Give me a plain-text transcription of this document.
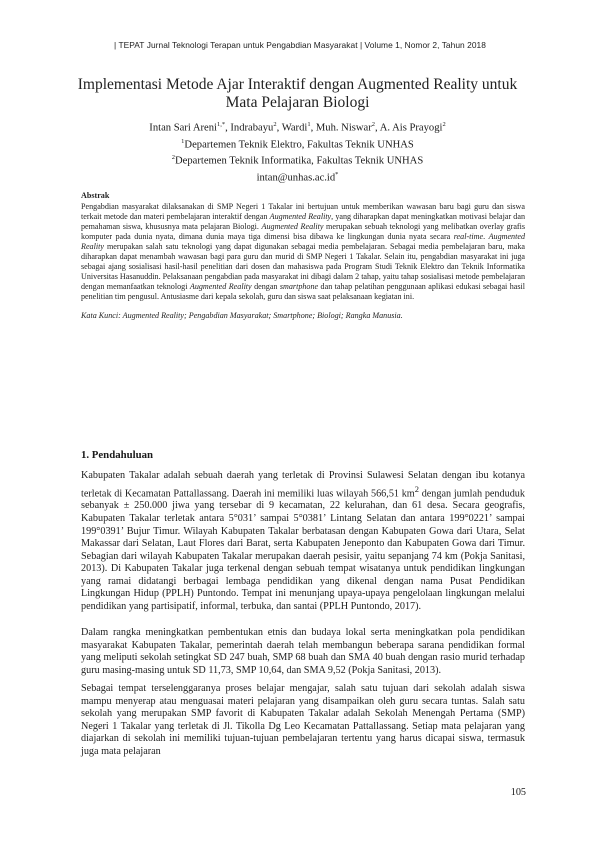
| TEPAT Jurnal Teknologi Terapan untuk Pengabdian Masyarakat | Volume 1, Nomor 2, Tahun 2018
Implementasi Metode Ajar Interaktif dengan Augmented Reality untuk Mata Pelajaran Biologi
Intan Sari Areni$^{1,*}$, Indrabayu$^2$, Wardi$^1$, Muh. Niswar$^2$, A. Ais Prayogi$^2$
$^1$Departemen Teknik Elektro, Fakultas Teknik UNHAS
$^2$Departemen Teknik Informatika, Fakultas Teknik UNHAS
intan@unhas.ac.id*
Abstrak
Pengabdian masyarakat dilaksanakan di SMP Negeri 1 Takalar ini bertujuan untuk memberikan wawasan baru bagi guru dan siswa terkait metode dan materi pembelajaran interaktif dengan Augmented Reality, yang diharapkan dapat meningkatkan motivasi belajar dan pemahaman siswa, khususnya mata pelajaran Biologi. Augmented Reality merupakan sebuah teknologi yang melibatkan overlay grafis komputer pada dunia nyata, dimana dunia maya tiga dimensi bisa dibawa ke lingkungan dunia nyata secara real-time. Augmented Reality merupakan salah satu teknologi yang dapat digunakan sebagai media pembelajaran. Sebagai media pembelajaran baru, maka diharapkan dapat menambah wawasan bagi para guru dan murid di SMP Negeri 1 Takalar. Selain itu, pengabdian masyarakat ini juga sebagai ajang sosialisasi hasil-hasil penelitian dari dosen dan mahasiswa pada Program Studi Teknik Elektro dan Teknik Informatika Universitas Hasanuddin. Pelaksanaan pengabdian pada masyarakat ini dibagi dalam 2 tahap, yaitu tahap sosialisasi metode pembelajaran dengan memanfaatkan teknologi Augmented Reality dengan smartphone dan tahap pelatihan penggunaan aplikasi edukasi sebagai hasil penelitian tim pengusul. Antusiasme dari kepala sekolah, guru dan siswa saat pelaksanaan kegiatan ini.
Kata Kunci: Augmented Reality; Pengabdian Masyarakat; Smartphone; Biologi; Rangka Manusia.
1. Pendahuluan
Kabupaten Takalar adalah sebuah daerah yang terletak di Provinsi Sulawesi Selatan dengan ibu kotanya terletak di Kecamatan Pattallassang. Daerah ini memiliki luas wilayah 566,51 $km^2$ dengan jumlah penduduk sebanyak ± 250.000 jiwa yang tersebar di 9 kecamatan, 22 kelurahan, dan 61 desa. Secara geografis, Kabupaten Takalar terletak antara 5°031’ sampai 5°0381’ Lintang Selatan dan antara 199°0221’ sampai 199°0391’ Bujur Timur. Wilayah Kabupaten Takalar berbatasan dengan Kabupaten Gowa dari Utara, Selat Makassar dari Selatan, Laut Flores dari Barat, serta Kabupaten Jeneponto dan Kabupaten Gowa dari Timur. Sebagian dari wilayah Kabupaten Takalar merupakan daerah pesisir, yaitu sepanjang 74 km (Pokja Sanitasi, 2013). Di Kabupaten Takalar juga terkenal dengan sebuah tempat wisatanya untuk pendidikan lingkungan yang ramai didatangi berbagai lembaga pendidikan yang dikenal dengan nama Pusat Pendidikan Lingkungan Hidup (PPLH) Puntondo. Tempat ini menunjang upaya-upaya pengelolaan lingkungan melalui pendidikan yang partisipatif, informal, terbuka, dan santai (PPLH Puntondo, 2017).
Dalam rangka meningkatkan pembentukan etnis dan budaya lokal serta meningkatkan pola pendidikan masyarakat Kabupaten Takalar, pemerintah daerah telah membangun beberapa sarana pendidikan formal yang meliputi sekolah setingkat SD 247 buah, SMP 68 buah dan SMA 40 buah dengan rasio murid terhadap guru masing-masing untuk SD 11,73, SMP 10,64, dan SMA 9,52 (Pokja Sanitasi, 2013).
Sebagai tempat terselenggaranya proses belajar mengajar, salah satu tujuan dari sekolah adalah siswa mampu menyerap atau menguasai materi pelajaran yang disampaikan oleh guru secara tuntas. Salah satu sekolah yang merupakan SMP favorit di Kabupaten Takalar adalah Sekolah Menengah Pertama (SMP) Negeri 1 Takalar yang terletak di Jl. Tikolla Dg Leo Kecamatan Pattallassang. Setiap mata pelajaran yang diajarkan di sekolah ini memiliki tujuan-tujuan pembelajaran tertentu yang harus dicapai siswa, termasuk juga mata pelajaran
105
